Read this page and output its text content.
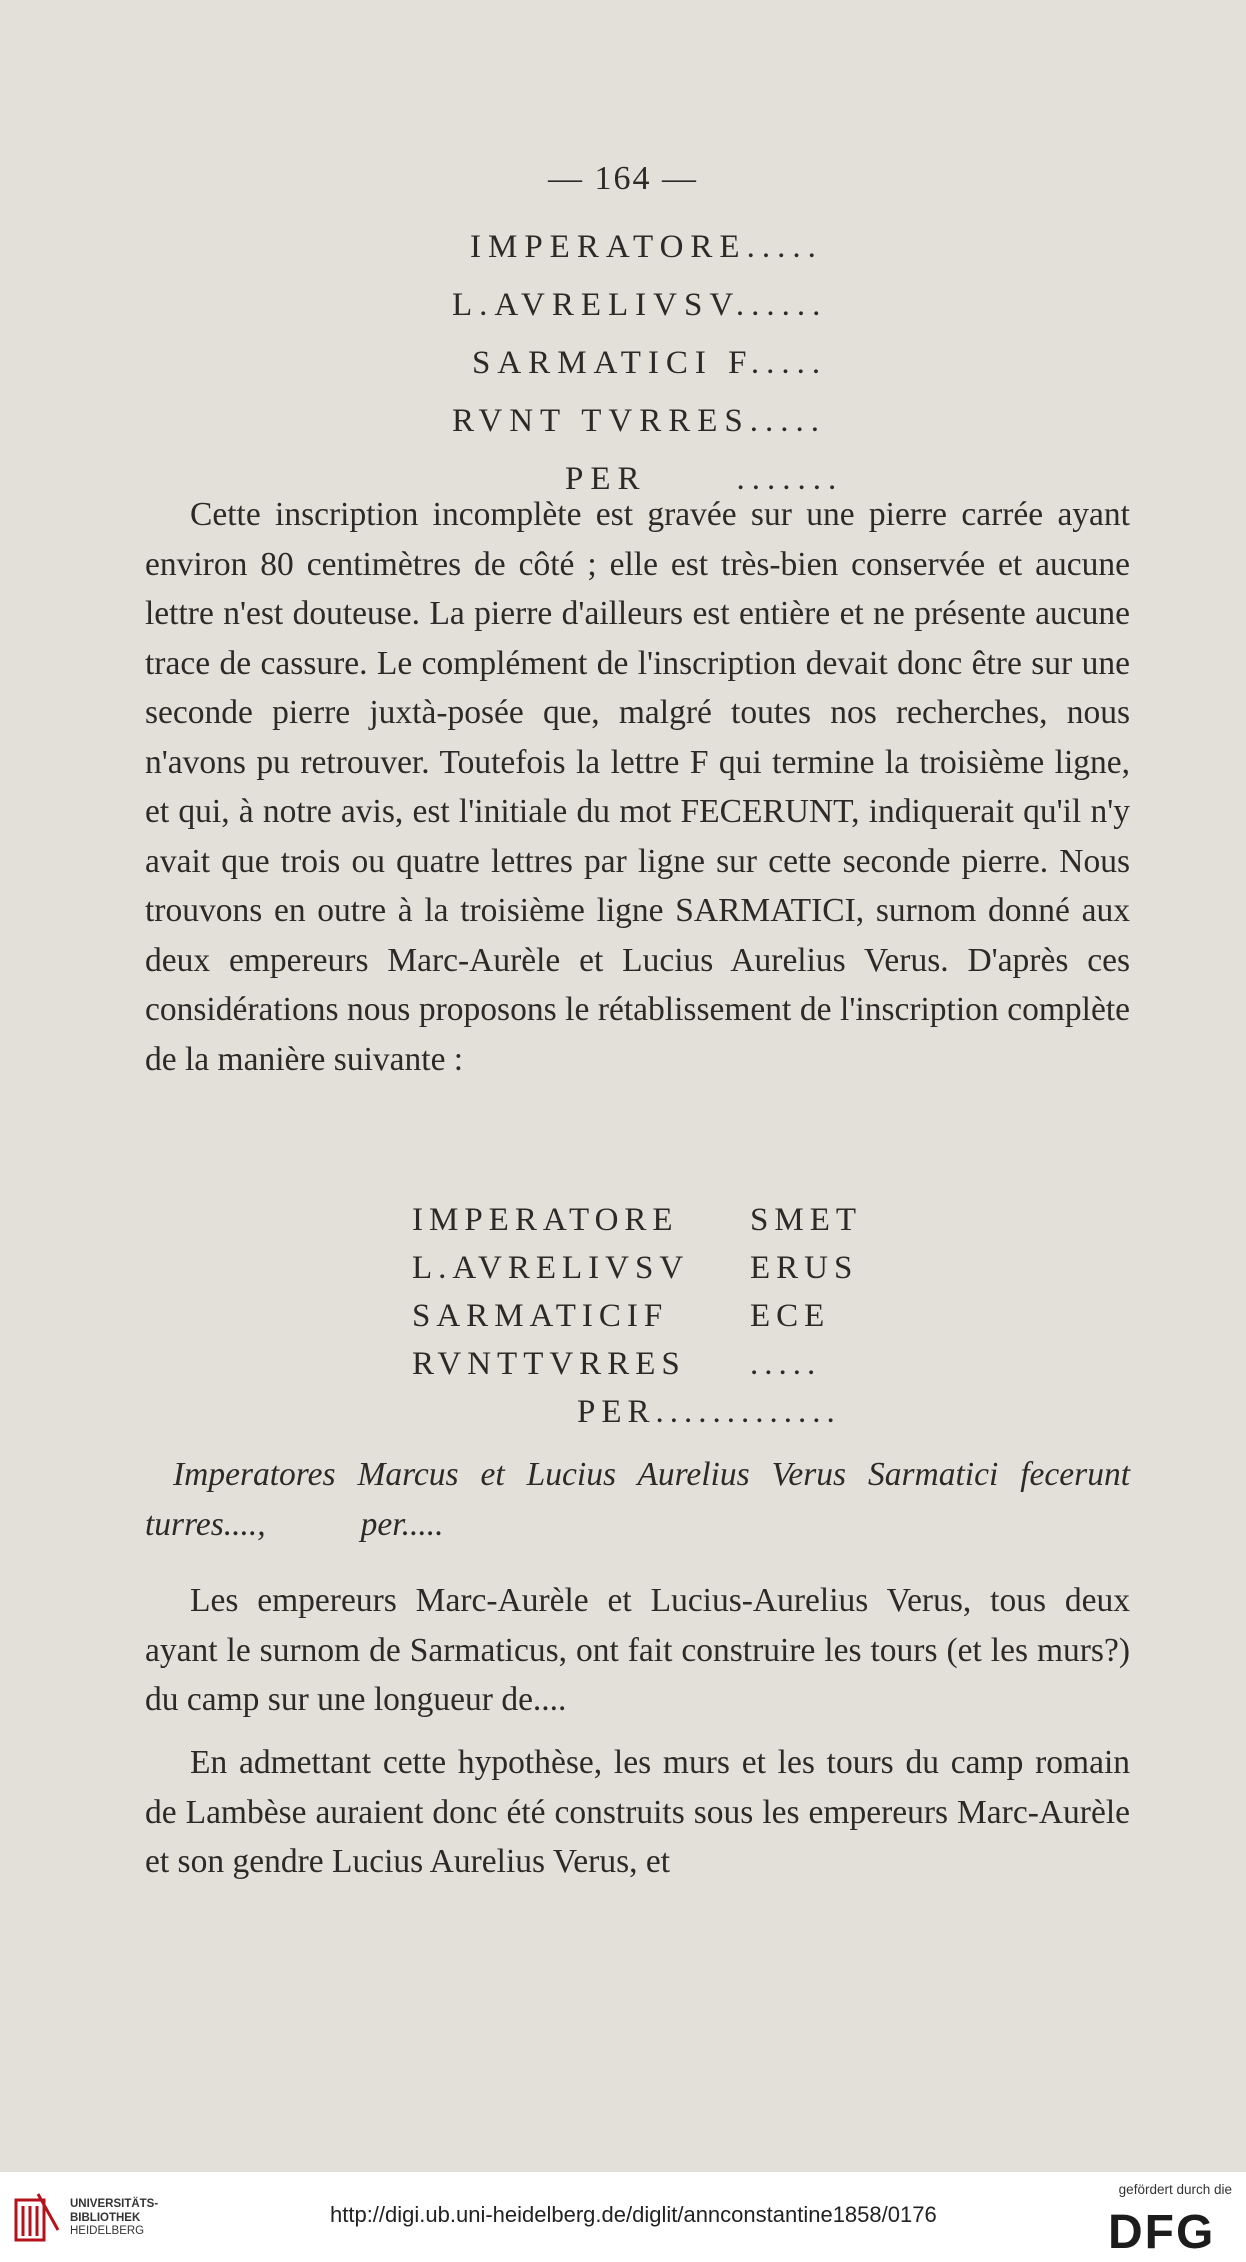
— 164 —
IMPERATORE.....
L.AVRELIVSV......
SARMATICI F.....
RVNT TVRRES.....
PER	.......

Cette inscription incomplète est gravée sur une pierre carrée ayant environ 80 centimètres de côté ; elle est très-bien conservée et aucune lettre n'est douteuse. La pierre d'ailleurs est entière et ne présente aucune trace de cassure. Le complément de l'inscription devait donc être sur une seconde pierre juxtà-posée que, malgré toutes nos recherches, nous n'avons pu retrouver. Toutefois la lettre F qui termine la troisième ligne, et qui, à notre avis, est l'initiale du mot FECERUNT, indiquerait qu'il n'y avait que trois ou quatre lettres par ligne sur cette seconde pierre. Nous trouvons en outre à la troisième ligne SARMATICI, surnom donné aux deux empereurs Marc-Aurèle et Lucius Aurelius Verus. D'après ces considérations nous proposons le rétablissement de l'inscription complète de la manière suivante :

IMPERATORE	SMET
L.AVRELIVSV	ERUS
SARMATICIF	ECE
RVNTTVRRES	.....
PER.............

Imperatores Marcus et Lucius Aurelius Verus Sarmatici fecerunt turres....,	per.....

Les empereurs Marc-Aurèle et Lucius-Aurelius Verus, tous deux ayant le surnom de Sarmaticus, ont fait construire les tours (et les murs?) du camp sur une longueur de....

En admettant cette hypothèse, les murs et les tours du camp romain de Lambèse auraient donc été construits sous les empereurs Marc-Aurèle et son gendre Lucius Aurelius Verus, et

UNIVERSITÄTS-
BIBLIOTHEK
HEIDELBERG
http://digi.ub.uni-heidelberg.de/diglit/annconstantine1858/0176
gefördert durch die
DFG
